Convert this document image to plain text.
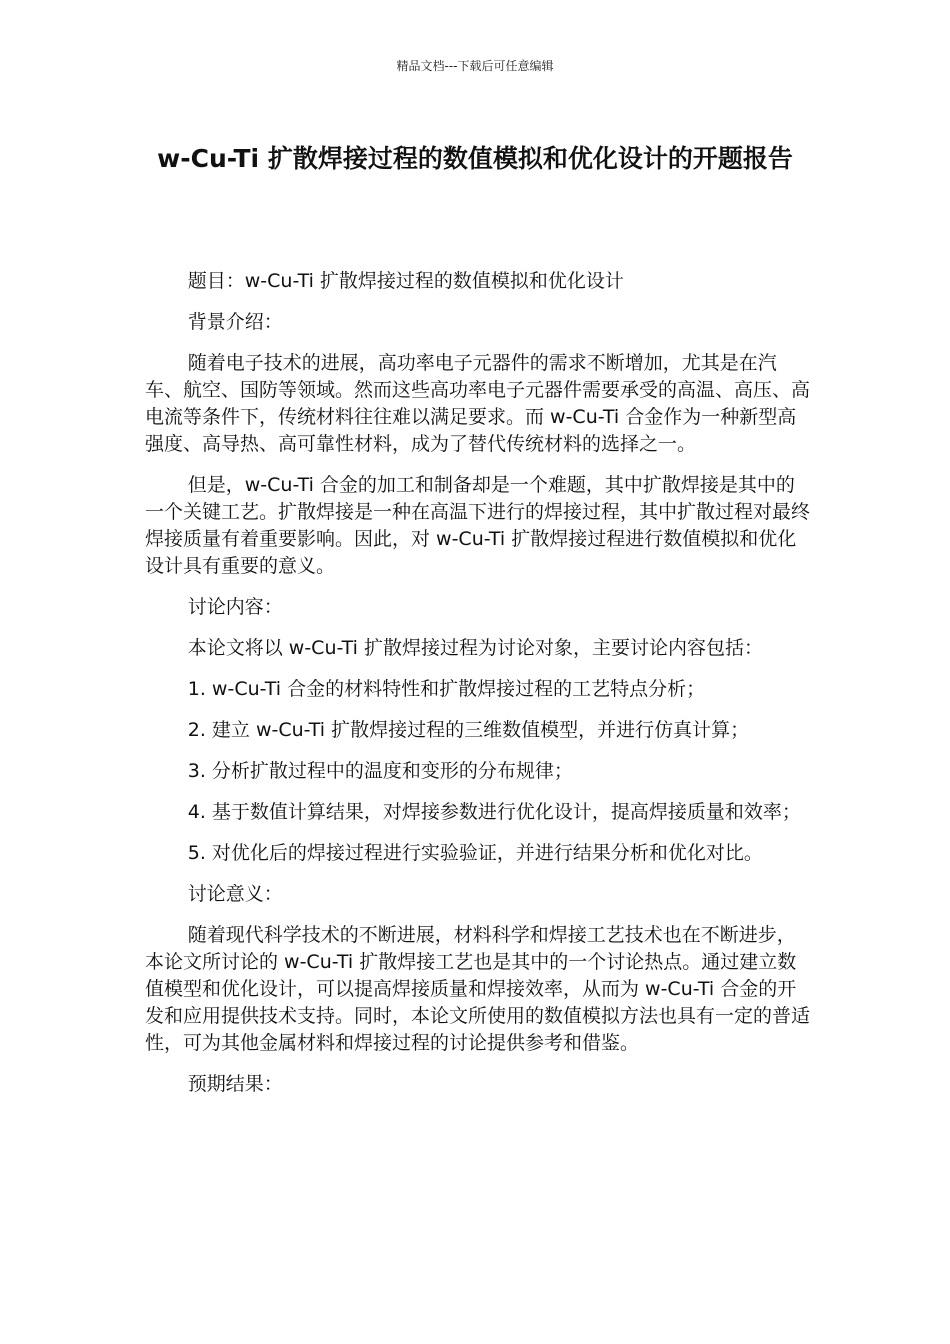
精品文档---下载后可任意编辑
w-Cu-Ti 扩散焊接过程的数值模拟和优化设计的开题报告

题目：w-Cu-Ti 扩散焊接过程的数值模拟和优化设计

背景介绍：

随着电子技术的进展，高功率电子元器件的需求不断增加，尤其是在汽车、航空、国防等领域。然而这些高功率电子元器件需要承受的高温、高压、高电流等条件下，传统材料往往难以满足要求。而 w-Cu-Ti 合金作为一种新型高强度、高导热、高可靠性材料，成为了替代传统材料的选择之一。

但是，w-Cu-Ti 合金的加工和制备却是一个难题，其中扩散焊接是其中的一个关键工艺。扩散焊接是一种在高温下进行的焊接过程，其中扩散过程对最终焊接质量有着重要影响。因此，对 w-Cu-Ti 扩散焊接过程进行数值模拟和优化设计具有重要的意义。

讨论内容：

本论文将以 w-Cu-Ti 扩散焊接过程为讨论对象，主要讨论内容包括：

1. w-Cu-Ti 合金的材料特性和扩散焊接过程的工艺特点分析；

2. 建立 w-Cu-Ti 扩散焊接过程的三维数值模型，并进行仿真计算；

3. 分析扩散过程中的温度和变形的分布规律；

4. 基于数值计算结果，对焊接参数进行优化设计，提高焊接质量和效率；

5. 对优化后的焊接过程进行实验验证，并进行结果分析和优化对比。

讨论意义：

随着现代科学技术的不断进展，材料科学和焊接工艺技术也在不断进步，本论文所讨论的 w-Cu-Ti 扩散焊接工艺也是其中的一个讨论热点。通过建立数值模型和优化设计，可以提高焊接质量和焊接效率，从而为 w-Cu-Ti 合金的开发和应用提供技术支持。同时，本论文所使用的数值模拟方法也具有一定的普适性，可为其他金属材料和焊接过程的讨论提供参考和借鉴。

预期结果：
